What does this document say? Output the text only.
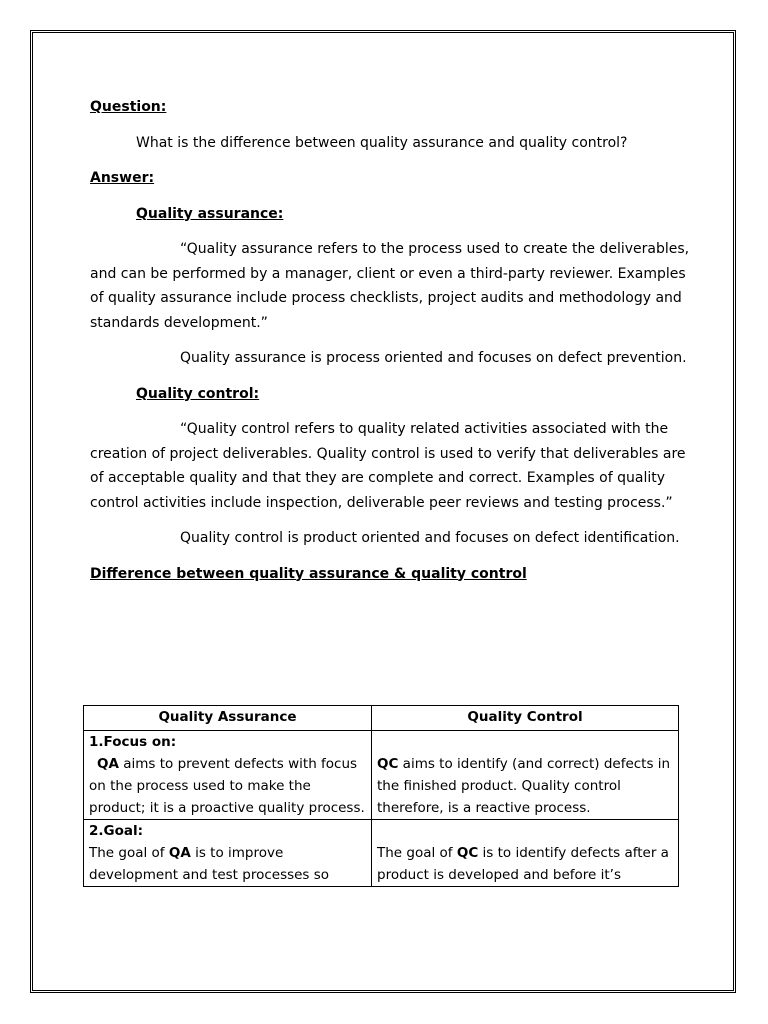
Question:

What is the difference between quality assurance and quality control?

Answer:

Quality assurance:

“Quality assurance refers to the process used to create the deliverables, and can be performed by a manager, client or even a third-party reviewer. Examples of quality assurance include process checklists, project audits and methodology and standards development.”

Quality assurance is process oriented and focuses on defect prevention.

Quality control:

“Quality control refers to quality related activities associated with the creation of project deliverables. Quality control is used to verify that deliverables are of acceptable quality and that they are complete and correct. Examples of quality control activities include inspection, deliverable peer reviews and testing process.”

Quality control is product oriented and focuses on defect identification.

Difference between quality assurance & quality control

Quality Assurance	Quality Control

1.Focus on:
QA aims to prevent defects with focus on the process used to make the product; it is a proactive quality process.	QC aims to identify (and correct) defects in the finished product. Quality control therefore, is a reactive process.

2.Goal:
The goal of QA is to improve development and test processes so	The goal of QC is to identify defects after a product is developed and before it’s
